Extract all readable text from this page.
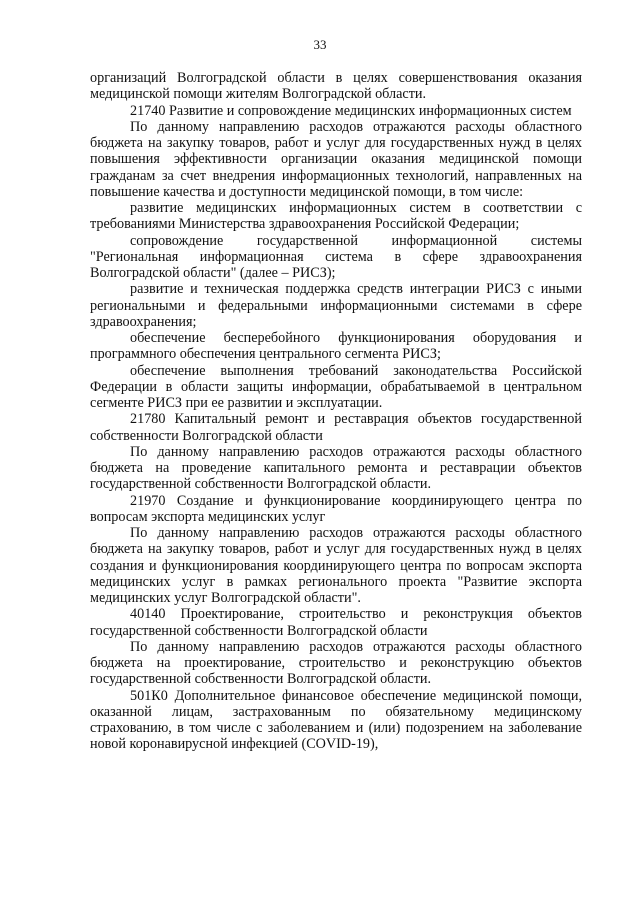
33

организаций Волгоградской области в целях совершенствования оказания медицинской помощи жителям Волгоградской области.

21740 Развитие и сопровождение медицинских информационных систем

По данному направлению расходов отражаются расходы областного бюджета на закупку товаров, работ и услуг для государственных нужд в целях повышения эффективности организации оказания медицинской помощи гражданам за счет внедрения информационных технологий, направленных на повышение качества и доступности медицинской помощи, в том числе:

развитие медицинских информационных систем в соответствии с требованиями Министерства здравоохранения Российской Федерации;

сопровождение государственной информационной системы "Региональная информационная система в сфере здравоохранения Волгоградской области" (далее – РИСЗ);

развитие и техническая поддержка средств интеграции РИСЗ с иными региональными и федеральными информационными системами в сфере здравоохранения;

обеспечение бесперебойного функционирования оборудования и программного обеспечения центрального сегмента РИСЗ;

обеспечение выполнения требований законодательства Российской Федерации в области защиты информации, обрабатываемой в центральном сегменте РИСЗ при ее развитии и эксплуатации.

21780 Капитальный ремонт и реставрация объектов государственной собственности Волгоградской области

По данному направлению расходов отражаются расходы областного бюджета на проведение капитального ремонта и реставрации объектов государственной собственности Волгоградской области.

21970 Создание и функционирование координирующего центра по вопросам экспорта медицинских услуг

По данному направлению расходов отражаются расходы областного бюджета на закупку товаров, работ и услуг для государственных нужд в целях создания и функционирования координирующего центра по вопросам экспорта медицинских услуг в рамках регионального проекта "Развитие экспорта медицинских услуг Волгоградской области".

40140 Проектирование, строительство и реконструкция объектов государственной собственности Волгоградской области

По данному направлению расходов отражаются расходы областного бюджета на проектирование, строительство и реконструкцию объектов государственной собственности Волгоградской области.

501К0 Дополнительное финансовое обеспечение медицинской помощи, оказанной лицам, застрахованным по обязательному медицинскому страхованию, в том числе с заболеванием и (или) подозрением на заболевание новой коронавирусной инфекцией (COVID-19),
